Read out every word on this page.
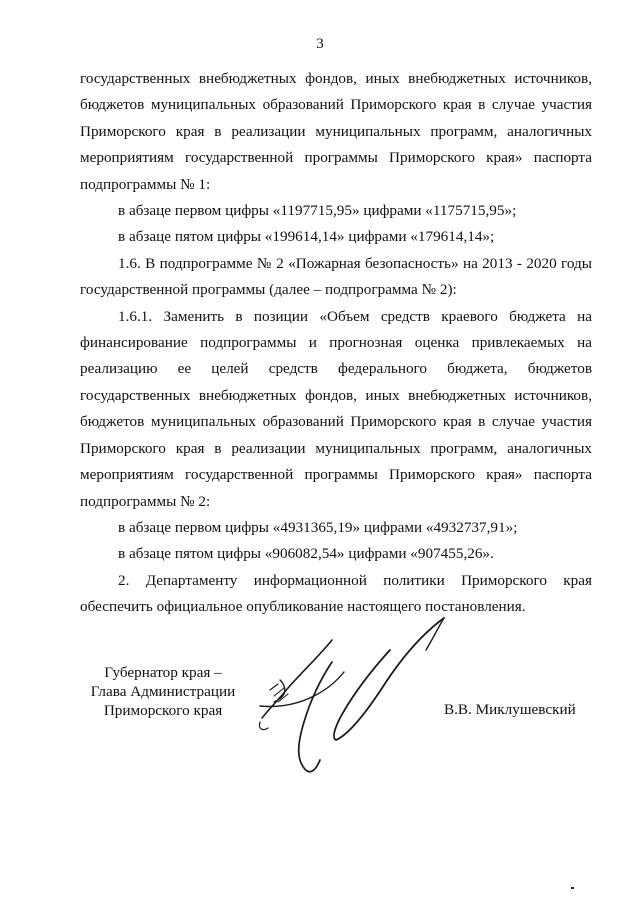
3

государственных внебюджетных фондов, иных внебюджетных источников, бюджетов муниципальных образований Приморского края в случае участия Приморского края в реализации муниципальных программ, аналогичных мероприятиям государственной программы Приморского края» паспорта подпрограммы № 1:

в абзаце первом цифры «1197715,95» цифрами «1175715,95»;

в абзаце пятом цифры «199614,14» цифрами «179614,14»;

1.6. В подпрограмме № 2 «Пожарная безопасность» на 2013 - 2020 годы государственной программы (далее – подпрограмма № 2):

1.6.1. Заменить в позиции «Объем средств краевого бюджета на финансирование подпрограммы и прогнозная оценка привлекаемых на реализацию ее целей средств федерального бюджета, бюджетов государственных внебюджетных фондов, иных внебюджетных источников, бюджетов муниципальных образований Приморского края в случае участия Приморского края в реализации муниципальных программ, аналогичных мероприятиям государственной программы Приморского края» паспорта подпрограммы № 2:

в абзаце первом цифры «4931365,19» цифрами «4932737,91»;

в абзаце пятом цифры «906082,54» цифрами «907455,26».

2. Департаменту информационной политики Приморского края обеспечить официальное опубликование настоящего постановления.

Губернатор края –
Глава Администрации
Приморского края	В.В. Миклушевский
